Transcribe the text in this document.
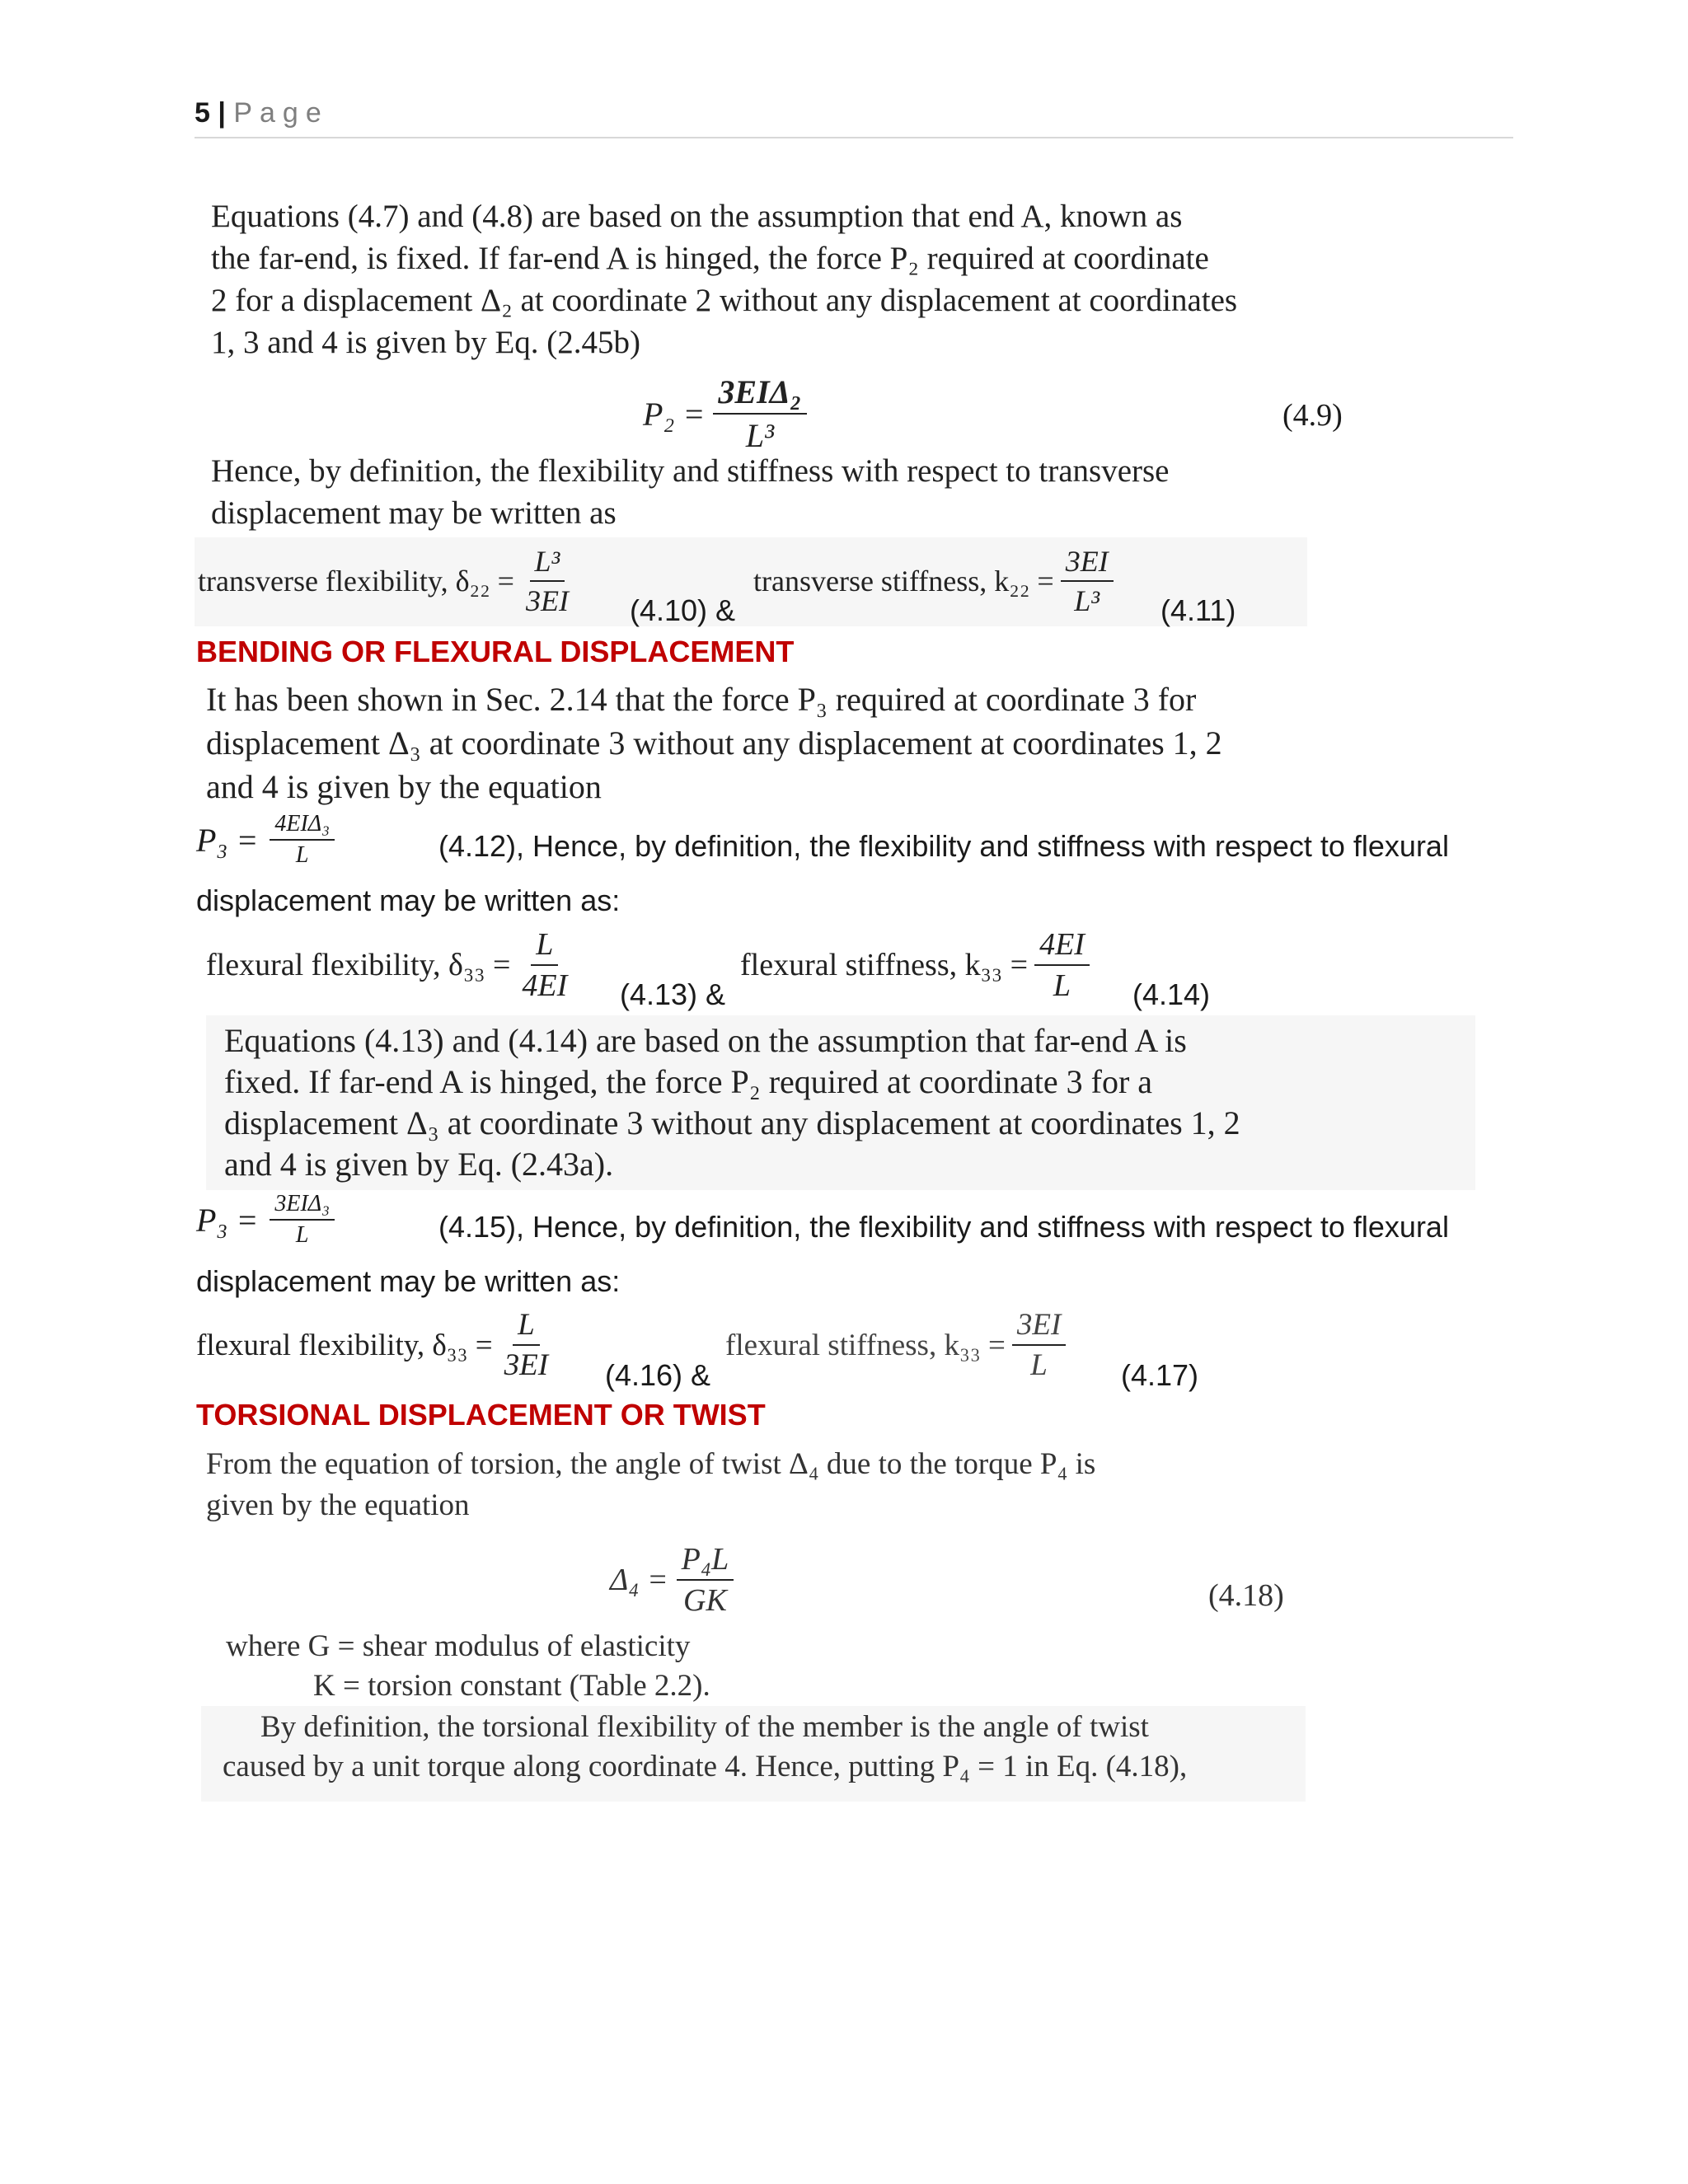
5 | Page
Equations (4.7) and (4.8) are based on the assumption that end A, known as
the far-end, is fixed. If far-end A is hinged, the force P₂ required at coordinate
2 for a displacement Δ₂ at coordinate 2 without any displacement at coordinates
1, 3 and 4 is given by Eq. (2.45b)
$P_2 = \frac{\text{3EIΔ₂}}{\text{L³}}$	(4.9)
Hence, by definition, the flexibility and stiffness with respect to transverse
displacement may be written as
transverse flexibility, $\delta_{22} = \frac{\text{L³}}{3EI} (4.10)$ &
transverse stiffness, $k_{22} = \frac{3EI}{\text{L³}} (4.11)$
BENDING OR FLEXURAL DISPLACEMENT
It has been shown in Sec. 2.14 that the force P₃ required at coordinate 3 for
displacement Δ₃ at coordinate 3 without any displacement at coordinates 1, 2
and 4 is given by the equation
$P_3 = \frac{\text{4EIΔ₃}}{L}$	(4.12), Hence, by definition, the flexibility and stiffness with respect to flexural
displacement may be written as:
flexural flexibility, $\delta_{33} = \frac{L}{4EI} (4.13)$ &
flexural stiffness, $k_{33} = \frac{4EI}{L} (4.14)$
Equations (4.13) and (4.14) are based on the assumption that far-end A is
fixed. If far-end A is hinged, the force P₂ required at coordinate 3 for a
displacement Δ₃ at coordinate 3 without any displacement at coordinates 1, 2
and 4 is given by Eq. (2.43a).
$P_3 = \frac{\text{3EIΔ₃}}{L}$	(4.15), Hence, by definition, the flexibility and stiffness with respect to flexural
displacement may be written as:
flexural flexibility, $\delta_{33} = \frac{L}{3EI} (4.16)$ &
flexural stiffness, $k_{33} = \frac{3EI}{L} (4.17)$
TORSIONAL DISPLACEMENT OR TWIST
From the equation of torsion, the angle of twist Δ₄ due to the torque P₄ is
given by the equation
$\Delta_4 = \frac{\text{P₄L}}{GK}$	(4.18)
where G = shear modulus of elasticity
K = torsion constant (Table 2.2).
By definition, the torsional flexibility of the member is the angle of twist
caused by a unit torque along coordinate 4. Hence, putting P₄ = 1 in Eq. (4.18),
